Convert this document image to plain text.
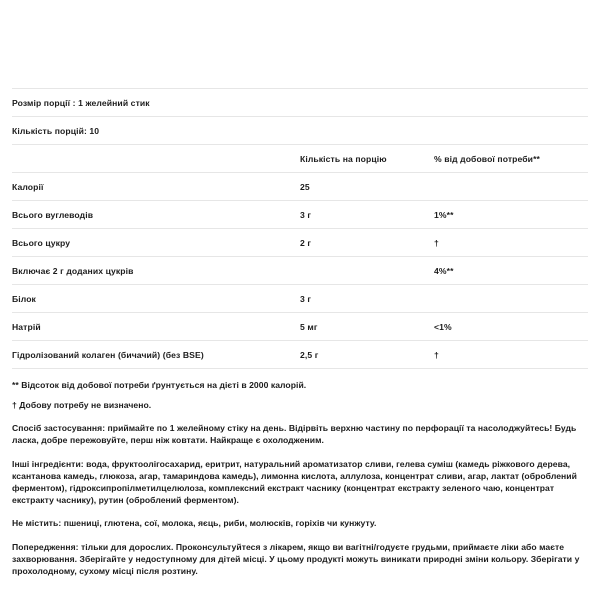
Розмір порції : 1 желейний стик		
Кількість порцій: 10		
	Кількість на порцію	% від добової потреби**
Калорії	25	
Всього вуглеводів	3 г	1%**
Всього цукру	2 г	†
Включає 2 г доданих цукрів		4%**
Білок	3 г	
Натрій	5 мг	<1%
Гідролізований колаген (бичачий) (без BSE)	2,5 г	†

** Відсоток від добової потреби ґрунтується на дієті в 2000 калорій.

† Добову потребу не визначено.

Спосіб застосування: приймайте по 1 желейному стіку на день. Відірвіть верхню частину по перфорації та насолоджуйтесь! Будь ласка, добре пережовуйте, перш ніж ковтати. Найкраще є охолодженим.

Інші інгредієнти: вода, фруктоолігосахарид, еритрит, натуральний ароматизатор сливи, гелева суміш (камедь ріжкового дерева, ксантанова камедь, глюкоза, агар, тамариндова камедь), лимонна кислота, аллулоза, концентрат сливи, агар, лактат (оброблений ферментом), гідроксипропілметилцелюлоза, комплексний екстракт часнику (концентрат екстракту зеленого чаю, концентрат екстракту часнику), рутин (оброблений ферментом).

Не містить: пшениці, глютена, сої, молока, яєць, риби, молюсків, горіхів чи кунжуту.

Попередження: тільки для дорослих. Проконсультуйтеся з лікарем, якщо ви вагітні/годуєте грудьми, приймаєте ліки або маєте захворювання. Зберігайте у недоступному для дітей місці. У цьому продукті можуть виникати природні зміни кольору. Зберігати у прохолодному, сухому місці після розтину.
